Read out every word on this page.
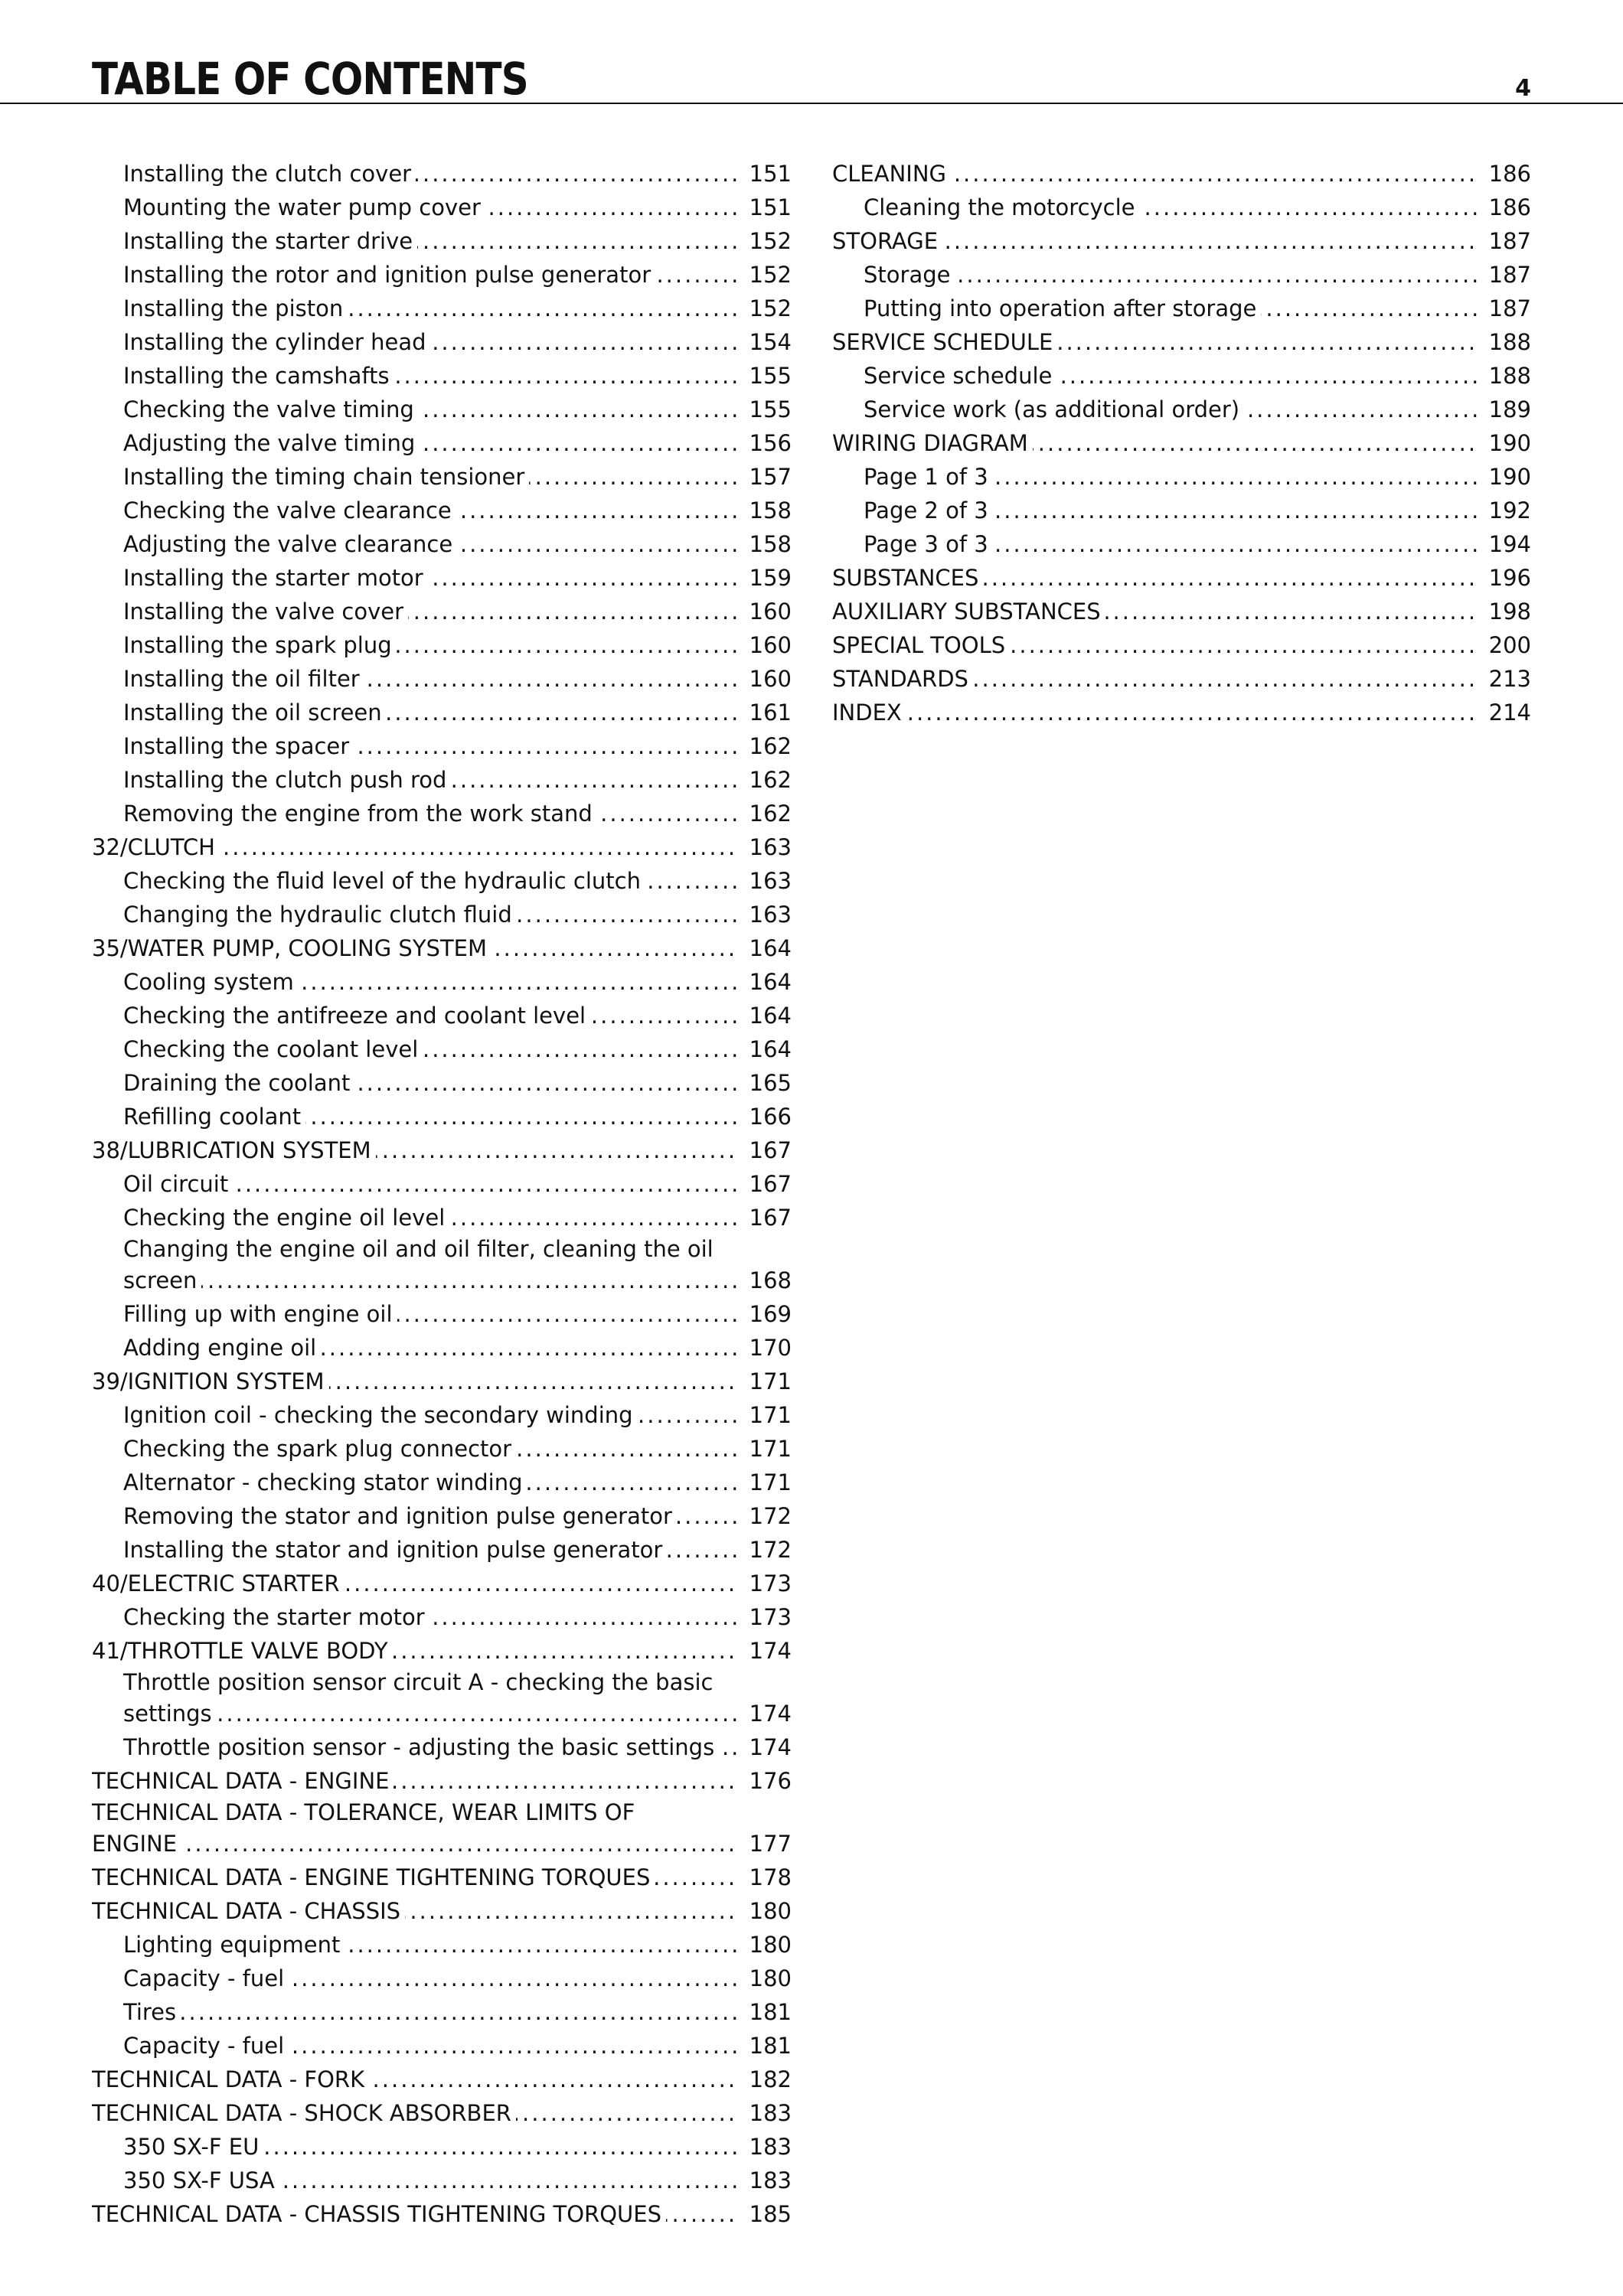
TABLE OF CONTENTS	4
Installing the clutch cover .....	151
Mounting the water pump cover .....	151
Installing the starter drive .....	152
Installing the rotor and ignition pulse generator .....	152
Installing the piston .....	152
Installing the cylinder head .....	154
Installing the camshafts .....	155
Checking the valve timing .....	155
Adjusting the valve timing .....	156
Installing the timing chain tensioner .....	157
Checking the valve clearance .....	158
Adjusting the valve clearance .....	158
Installing the starter motor .....	159
Installing the valve cover .....	160
Installing the spark plug .....	160
Installing the oil filter .....	160
Installing the oil screen .....	161
Installing the spacer .....	162
Installing the clutch push rod .....	162
Removing the engine from the work stand .....	162
32/CLUTCH .....	163
Checking the fluid level of the hydraulic clutch .....	163
Changing the hydraulic clutch fluid .....	163
35/WATER PUMP, COOLING SYSTEM .....	164
Cooling system .....	164
Checking the antifreeze and coolant level .....	164
Checking the coolant level .....	164
Draining the coolant .....	165
Refilling coolant .....	166
38/LUBRICATION SYSTEM .....	167
Oil circuit .....	167
Checking the engine oil level .....	167
Changing the engine oil and oil filter, cleaning the oil
screen .....	168
Filling up with engine oil .....	169
Adding engine oil .....	170
39/IGNITION SYSTEM .....	171
Ignition coil - checking the secondary winding .....	171
Checking the spark plug connector .....	171
Alternator - checking stator winding .....	171
Removing the stator and ignition pulse generator .....	172
Installing the stator and ignition pulse generator .....	172
40/ELECTRIC STARTER .....	173
Checking the starter motor .....	173
41/THROTTLE VALVE BODY .....	174
Throttle position sensor circuit A - checking the basic
settings .....	174
Throttle position sensor - adjusting the basic settings .....	174
TECHNICAL DATA - ENGINE .....	176
TECHNICAL DATA - TOLERANCE, WEAR LIMITS OF
ENGINE .....	177
TECHNICAL DATA - ENGINE TIGHTENING TORQUES .....	178
TECHNICAL DATA - CHASSIS .....	180
Lighting equipment .....	180
Capacity - fuel .....	180
Tires .....	181
Capacity - fuel .....	181
TECHNICAL DATA - FORK .....	182
TECHNICAL DATA - SHOCK ABSORBER .....	183
350 SX-F EU .....	183
350 SX-F USA .....	183
TECHNICAL DATA - CHASSIS TIGHTENING TORQUES .....	185
CLEANING .....	186
Cleaning the motorcycle .....	186
STORAGE .....	187
Storage .....	187
Putting into operation after storage .....	187
SERVICE SCHEDULE .....	188
Service schedule .....	188
Service work (as additional order) .....	189
WIRING DIAGRAM .....	190
Page 1 of 3 .....	190
Page 2 of 3 .....	192
Page 3 of 3 .....	194
SUBSTANCES .....	196
AUXILIARY SUBSTANCES .....	198
SPECIAL TOOLS .....	200
STANDARDS .....	213
INDEX .....	214
